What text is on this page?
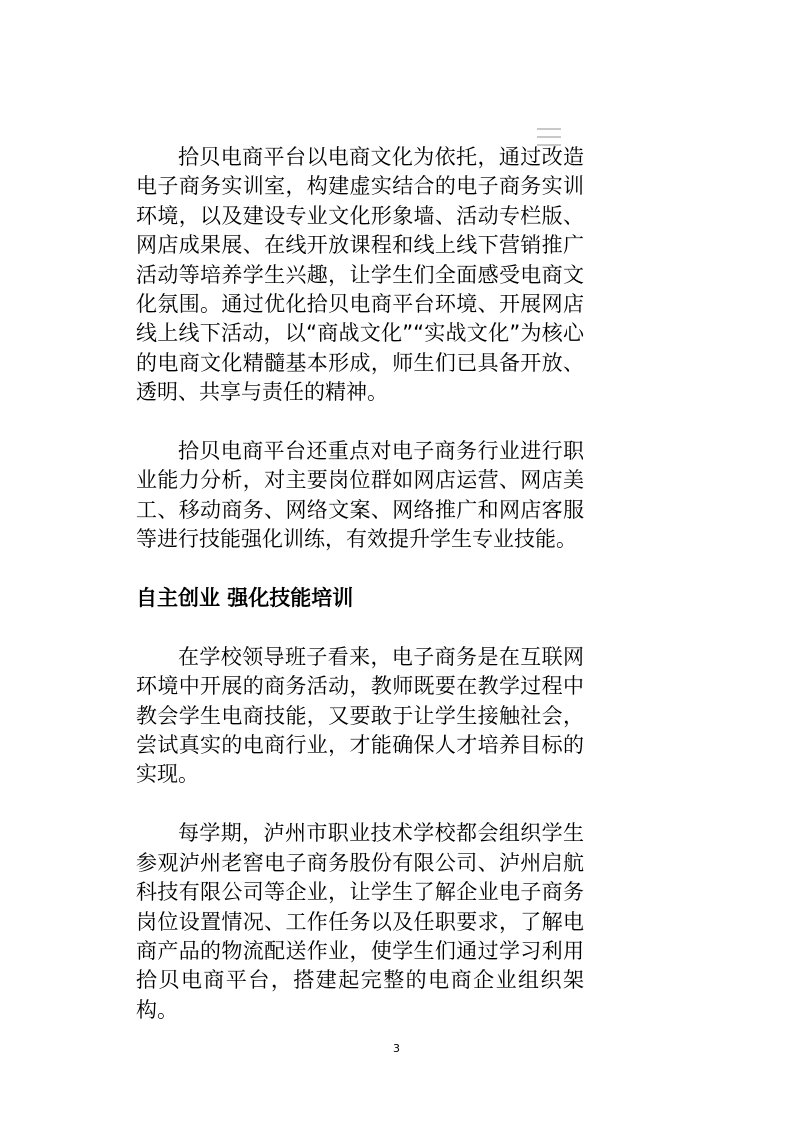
拾贝电商平台以电商文化为依托，通过改造电子商务实训室，构建虚实结合的电子商务实训环境，以及建设专业文化形象墙、活动专栏版、网店成果展、在线开放课程和线上线下营销推广活动等培养学生兴趣，让学生们全面感受电商文化氛围。通过优化拾贝电商平台环境、开展网店线上线下活动，以“商战文化”“实战文化”为核心的电商文化精髓基本形成，师生们已具备开放、透明、共享与责任的精神。

拾贝电商平台还重点对电子商务行业进行职业能力分析，对主要岗位群如网店运营、网店美工、移动商务、网络文案、网络推广和网店客服等进行技能强化训练，有效提升学生专业技能。

自主创业 强化技能培训

在学校领导班子看来，电子商务是在互联网环境中开展的商务活动，教师既要在教学过程中教会学生电商技能，又要敢于让学生接触社会，尝试真实的电商行业，才能确保人才培养目标的实现。

每学期，泸州市职业技术学校都会组织学生参观泸州老窖电子商务股份有限公司、泸州启航科技有限公司等企业，让学生了解企业电子商务岗位设置情况、工作任务以及任职要求，了解电商产品的物流配送作业，使学生们通过学习利用拾贝电商平台，搭建起完整的电商企业组织架构。

3
